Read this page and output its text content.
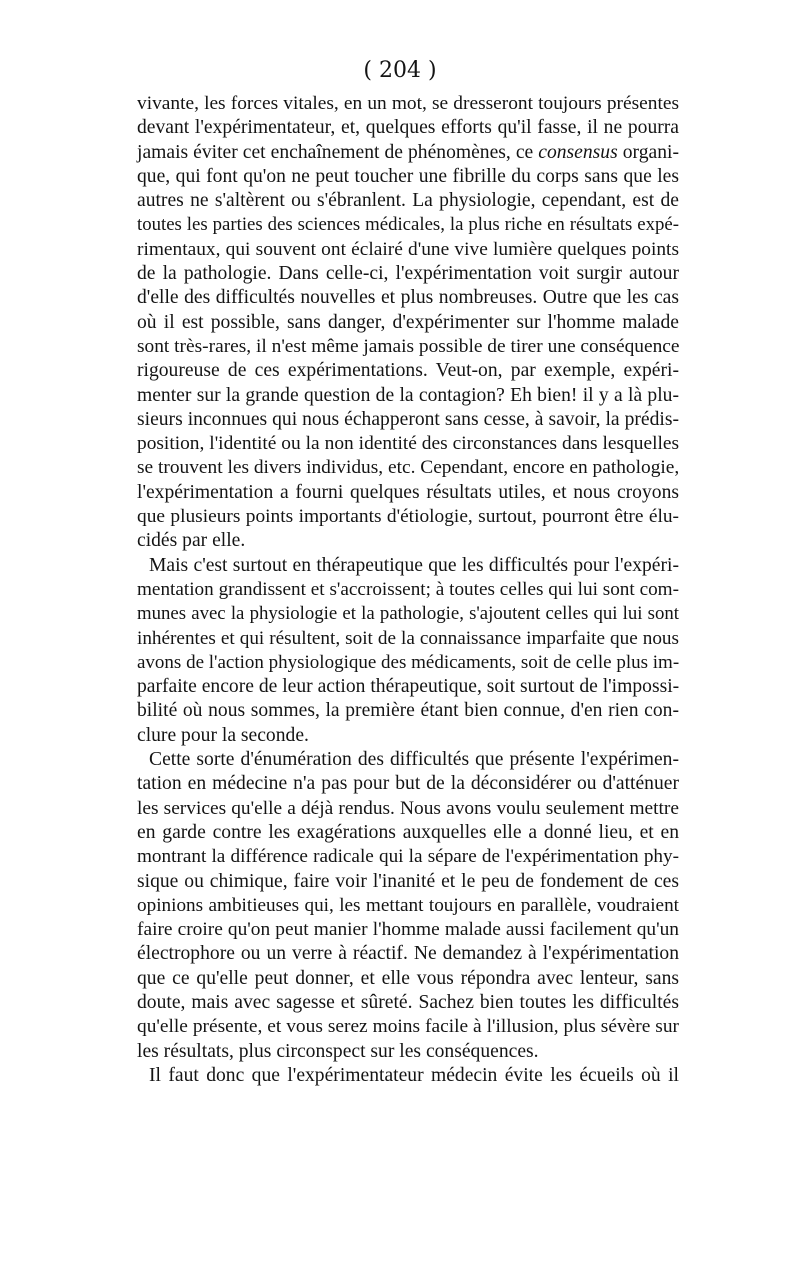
( 204 )
vivante, les forces vitales, en un mot, se dresseront toujours présentes
devant l'expérimentateur, et, quelques efforts qu'il fasse, il ne pourra
jamais éviter cet enchaînement de phénomènes, ce consensus organi-
que, qui font qu'on ne peut toucher une fibrille du corps sans que les
autres ne s'altèrent ou s'ébranlent. La physiologie, cependant, est de
toutes les parties des sciences médicales, la plus riche en résultats expé-
rimentaux, qui souvent ont éclairé d'une vive lumière quelques points
de la pathologie. Dans celle-ci, l'expérimentation voit surgir autour
d'elle des difficultés nouvelles et plus nombreuses. Outre que les cas
où il est possible, sans danger, d'expérimenter sur l'homme malade
sont très-rares, il n'est même jamais possible de tirer une conséquence
rigoureuse de ces expérimentations. Veut-on, par exemple, expéri-
menter sur la grande question de la contagion? Eh bien! il y a là plu-
sieurs inconnues qui nous échapperont sans cesse, à savoir, la prédis-
position, l'identité ou la non identité des circonstances dans lesquelles
se trouvent les divers individus, etc. Cependant, encore en pathologie,
l'expérimentation a fourni quelques résultats utiles, et nous croyons
que plusieurs points importants d'étiologie, surtout, pourront être élu-
cidés par elle.
Mais c'est surtout en thérapeutique que les difficultés pour l'expéri-
mentation grandissent et s'accroissent; à toutes celles qui lui sont com-
munes avec la physiologie et la pathologie, s'ajoutent celles qui lui sont
inhérentes et qui résultent, soit de la connaissance imparfaite que nous
avons de l'action physiologique des médicaments, soit de celle plus im-
parfaite encore de leur action thérapeutique, soit surtout de l'impossi-
bilité où nous sommes, la première étant bien connue, d'en rien con-
clure pour la seconde.
Cette sorte d'énumération des difficultés que présente l'expérimen-
tation en médecine n'a pas pour but de la déconsidérer ou d'atténuer
les services qu'elle a déjà rendus. Nous avons voulu seulement mettre
en garde contre les exagérations auxquelles elle a donné lieu, et en
montrant la différence radicale qui la sépare de l'expérimentation phy-
sique ou chimique, faire voir l'inanité et le peu de fondement de ces
opinions ambitieuses qui, les mettant toujours en parallèle, voudraient
faire croire qu'on peut manier l'homme malade aussi facilement qu'un
électrophore ou un verre à réactif. Ne demandez à l'expérimentation
que ce qu'elle peut donner, et elle vous répondra avec lenteur, sans
doute, mais avec sagesse et sûreté. Sachez bien toutes les difficultés
qu'elle présente, et vous serez moins facile à l'illusion, plus sévère sur
les résultats, plus circonspect sur les conséquences.
Il faut donc que l'expérimentateur médecin évite les écueils où il
